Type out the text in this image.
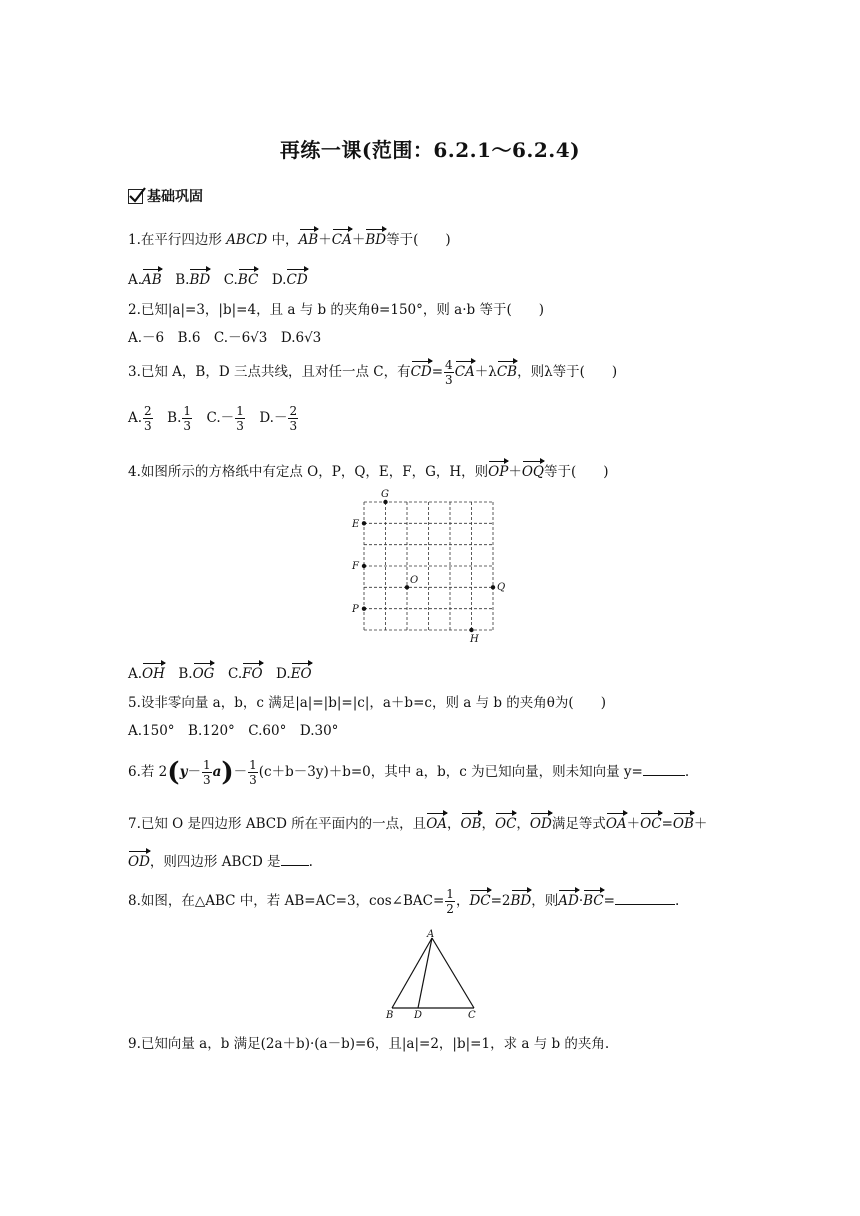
再练一课(范围：6.2.1～6.2.4)
基础巩固
1.在平行四边形 ABCD 中，AB＋CA＋BD等于(　　)
A.AB　 B.BD　 C.BC　 D.CD
2.已知|a|=3，|b|=4，且 a 与 b 的夹角θ=150°，则 a·b 等于(　　)
A.－6　B.6　C.－6√3　D.6√3
3.已知 A，B，D 三点共线，且对任一点 C，有$CD= \frac{4}{3} CA+\lambda CB$，则λ等于(　　)
A. $\frac{2}{3}$ 　B. $\frac{1}{3}$ 　$C.- \frac{1}{3}$ 　$D.- \frac{2}{3}$
4.如图所示的方格纸中有定点 O，P，Q，E，F，G，H，则OP＋OQ等于(　　)
G
E
F
O
Q
P
H
A.OH　B.OG　C.FO　D.EO
5.设非零向量 a，b，c 满足|a|=|b|=|c|，a＋b=c，则 a 与 b 的夹角θ为(　　)
A.150°　B.120°　C.60°　D.30°
6.若 $2(y- \frac{1}{3} a)- \frac{1}{3} (c+b-3y)+b=0$，其中 a，b，c 为已知向量，则未知向量 y=	.
7.已知 O 是四边形 ABCD 所在平面内的一点，且OA，OB，OC，OD满足等式OA＋OC=OB＋
OD，则四边形 ABCD 是 .
8.如图，在△ABC 中，若 AB=AC=3，cos∠BAC= $\frac{1}{2}$ ，DC=2BD，则AD·BC=	.
A
B D	C
9.已知向量 a，b 满足(2a＋b)·(a－b)=6，且|a|=2，|b|=1，求 a 与 b 的夹角.
